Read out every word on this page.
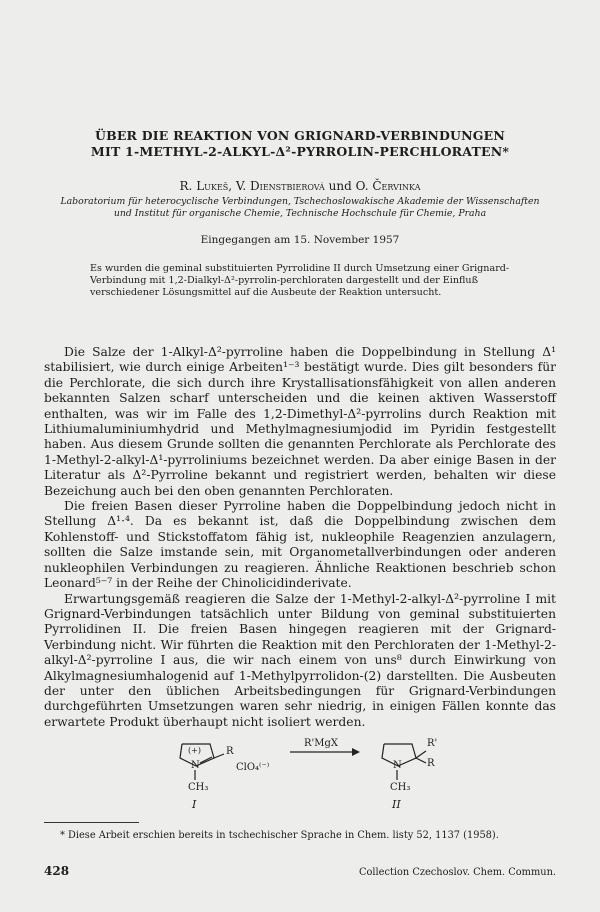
ÜBER DIE REAKTION VON GRIGNARD-VERBINDUNGEN
MIT 1-METHYL-2-ALKYL-Δ²-PYRROLIN-PERCHLORATEN*
R. Lukeš, V. Dienstbierová und O. Červinka
Laboratorium für heterocyclische Verbindungen, Tschechoslowakische Akademie der Wissenschaften
und Institut für organische Chemie, Technische Hochschule für Chemie, Praha
Eingegangen am 15. November 1957
Es wurden die geminal substituierten Pyrrolidine II durch Umsetzung einer Grignard-Verbindung mit 1,2-Dialkyl-Δ²-pyrrolin-perchloraten dargestellt und der Einfluß verschiedener Lösungsmittel auf die Ausbeute der Reaktion untersucht.

Die Salze der 1-Alkyl-Δ²-pyrroline haben die Doppelbindung in Stellung Δ¹ stabilisiert, wie durch einige Arbeiten¹⁻³ bestätigt wurde. Dies gilt besonders für die Perchlorate, die sich durch ihre Krystallisationsfähigkeit von allen anderen bekannten Salzen scharf unterscheiden und die keinen aktiven Wasserstoff enthalten, was wir im Falle des 1,2-Dimethyl-Δ²-pyrrolins durch Reaktion mit Lithiumaluminiumhydrid und Methylmagnesiumjodid im Pyridin festgestellt haben. Aus diesem Grunde sollten die genannten Perchlorate als Perchlorate des 1-Methyl-2-alkyl-Δ¹-pyrroliniums bezeichnet werden. Da aber einige Basen in der Literatur als Δ²-Pyrroline bekannt und registriert werden, behalten wir diese Bezeichung auch bei den oben genannten Perchloraten.

Die freien Basen dieser Pyrroline haben die Doppelbindung jedoch nicht in Stellung Δ¹·⁴. Da es bekannt ist, daß die Doppelbindung zwischen dem Kohlenstoff- und Stickstoffatom fähig ist, nukleophile Reagenzien anzulagern, sollten die Salze imstande sein, mit Organometallverbindungen oder anderen nukleophilen Verbindungen zu reagieren. Ähnliche Reaktionen beschrieb schon Leonard⁵⁻⁷ in der Reihe der Chinolicidinderivate.

Erwartungsgemäß reagieren die Salze der 1-Methyl-2-alkyl-Δ²-pyrroline I mit Grignard-Verbindungen tatsächlich unter Bildung von geminal substituierten Pyrrolidinen II. Die freien Basen hingegen reagieren mit der Grignard-Verbindung nicht. Wir führten die Reaktion mit den Perchloraten der 1-Methyl-2-alkyl-Δ²-pyrroline I aus, die wir nach einem von uns⁸ durch Einwirkung von Alkylmagnesiumhalogenid auf 1-Methylpyrrolidon-(2) darstellten. Die Ausbeuten der unter den üblichen Arbeitsbedingungen für Grignard-Verbindungen durchgeführten Umsetzungen waren sehr niedrig, in einigen Fällen konnte das erwartete Produkt überhaupt nicht isoliert werden.

(+)
N
R
ClO₄⁽⁻⁾
CH₃
I
R'MgX
N
R'
R
CH₃
II
* Diese Arbeit erschien bereits in tschechischer Sprache in Chem. listy 52, 1137 (1958).
428	Collection Czechoslov. Chem. Commun.
